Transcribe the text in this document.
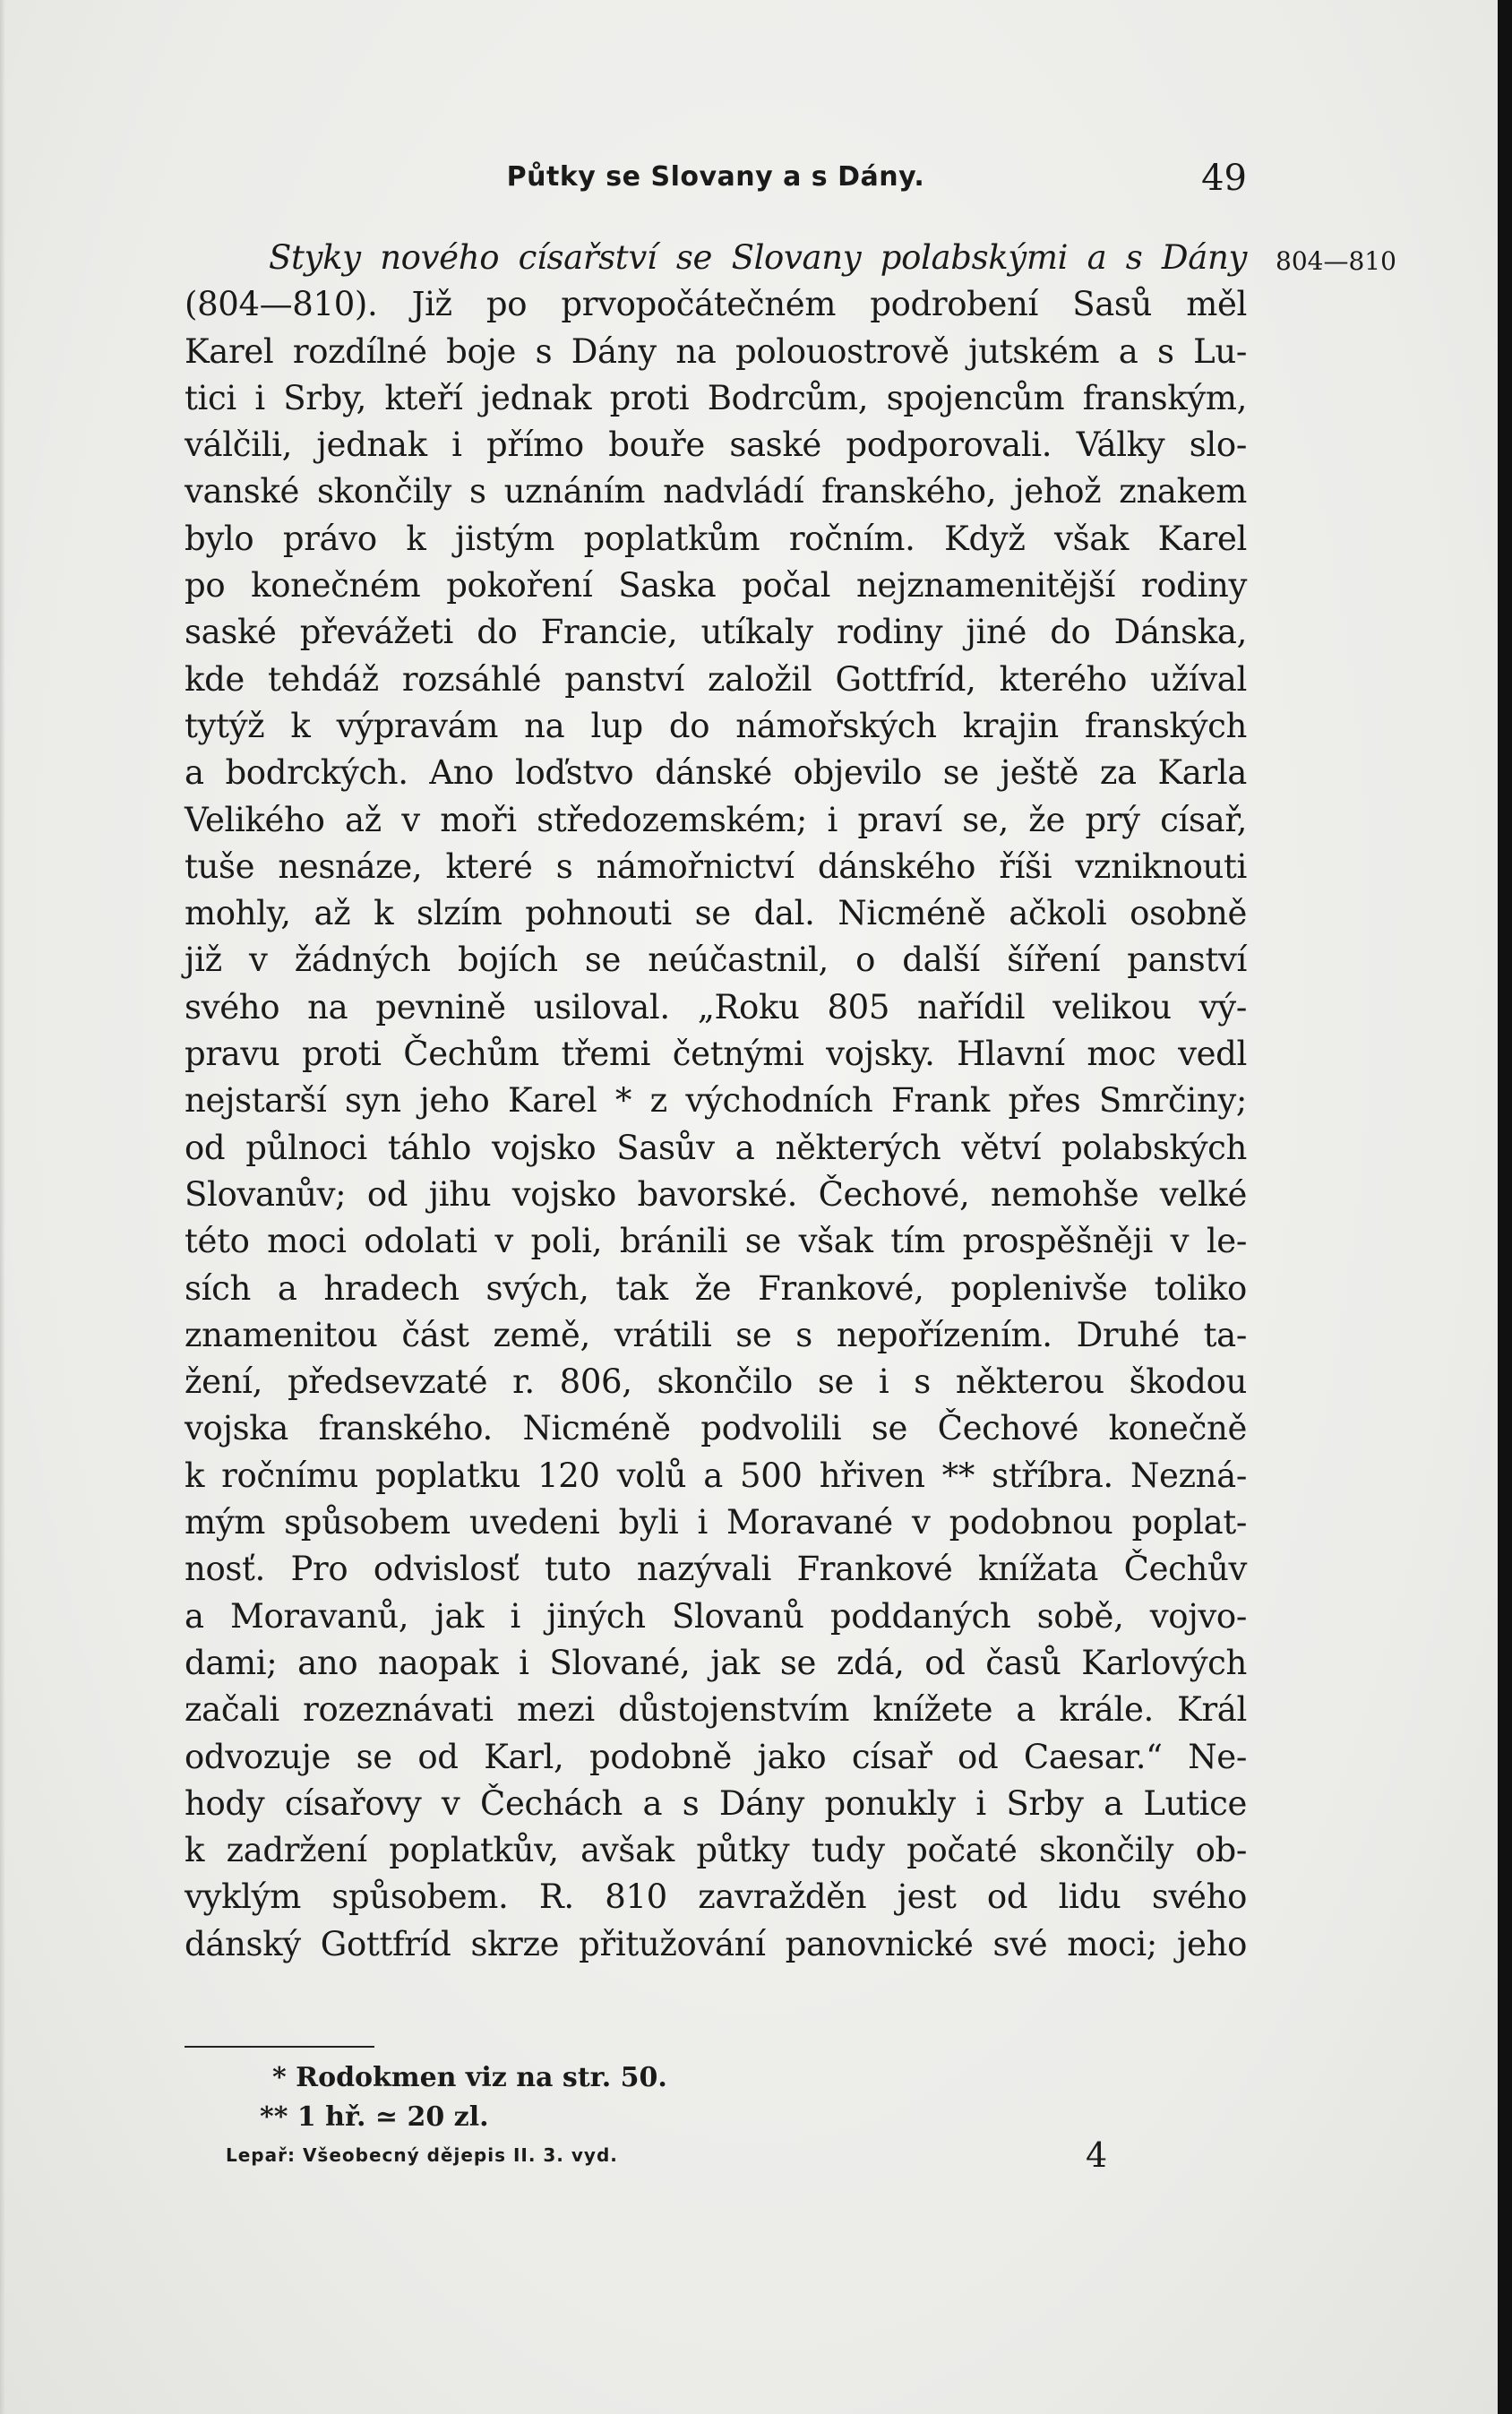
Půtky se Slovany a s Dány.	49
804—810
Styky nového císařství se Slovany polabskými a s Dány
(804—810). Již po prvopočátečném podrobení Sasů měl
Karel rozdílné boje s Dány na polouostrově jutském a s Lu-
tici i Srby, kteří jednak proti Bodrcům, spojencům franským,
válčili, jednak i přímo bouře saské podporovali. Války slo-
vanské skončily s uznáním nadvládí franského, jehož znakem
bylo právo k jistým poplatkům ročním. Když však Karel
po konečném pokoření Saska počal nejznamenitější rodiny
saské převážeti do Francie, utíkaly rodiny jiné do Dánska,
kde tehdáž rozsáhlé panství založil Gottfríd, kterého užíval
tytýž k výpravám na lup do námořských krajin franských
a bodrckých. Ano loďstvo dánské objevilo se ještě za Karla
Velikého až v moři středozemském; i praví se, že prý císař,
tuše nesnáze, které s námořnictví dánského říši vzniknouti
mohly, až k slzím pohnouti se dal. Nicméně ačkoli osobně
již v žádných bojích se neúčastnil, o další šíření panství
svého na pevnině usiloval. „Roku 805 nařídil velikou vý-
pravu proti Čechům třemi četnými vojsky. Hlavní moc vedl
nejstarší syn jeho Karel * z východních Frank přes Smrčiny;
od půlnoci táhlo vojsko Sasův a některých větví polabských
Slovanův; od jihu vojsko bavorské. Čechové, nemohše velké
této moci odolati v poli, bránili se však tím prospěšněji v le-
sích a hradech svých, tak že Frankové, poplenivše toliko
znamenitou část země, vrátili se s nepořízením. Druhé ta-
žení, předsevzaté r. 806, skončilo se i s některou škodou
vojska franského. Nicméně podvolili se Čechové konečně
k ročnímu poplatku 120 volů a 500 hřiven ** stříbra. Nezná-
mým spůsobem uvedeni byli i Moravané v podobnou poplat-
nosť. Pro odvislosť tuto nazývali Frankové knížata Čechův
a Moravanů, jak i jiných Slovanů poddaných sobě, vojvo-
dami; ano naopak i Slované, jak se zdá, od časů Karlových
začali rozeznávati mezi důstojenstvím knížete a krále. Král
odvozuje se od Karl, podobně jako císař od Caesar.“ Ne-
hody císařovy v Čechách a s Dány ponukly i Srby a Lutice
k zadržení poplatkův, avšak půtky tudy počaté skončily ob-
vyklým spůsobem. R. 810 zavražděn jest od lidu svého
dánský Gottfríd skrze přitužování panovnické své moci; jeho
* Rodokmen viz na str. 50.
** 1 hř. ≃ 20 zl.
Lepař: Všeobecný dějepis II. 3. vyd.	4
